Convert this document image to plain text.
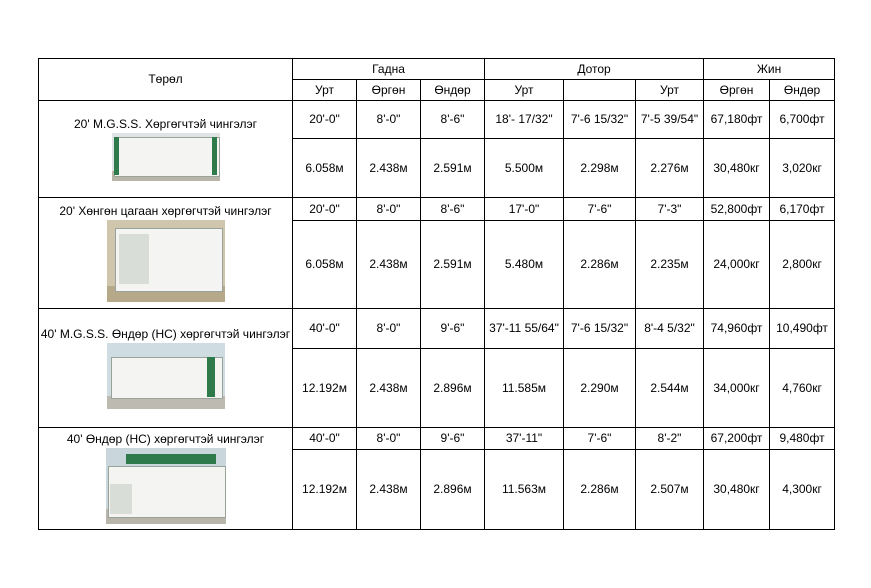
Төрөл	Гадна			Дотор			Жин	
	Урт	Өргөн	Өндөр	Урт		Урт	Өргөн	Өндөр

20' M.G.S.S. Хөргөгчтэй чингэлэг	20'-0"	8'-0"	8'-6"	18'- 17/32"	7'-6 15/32"	7'-5 39/54"	67,180фт	6,700фт
	6.058м	2.438м	2.591м	5.500м	2.298м	2.276м	30,480кг	3,020кг

20' Хөнгөн цагаан хөргөгчтэй чингэлэг	20'-0"	8'-0"	8'-6"	17'-0"	7'-6"	7'-3"	52,800фт	6,170фт
	6.058м	2.438м	2.591м	5.480м	2.286м	2.235м	24,000кг	2,800кг

40' M.G.S.S. Өндөр (HC) хөргөгчтэй чингэлэг	40'-0"	8'-0"	9'-6"	37'-11 55/64"	7'-6 15/32"	8'-4 5/32"	74,960фт	10,490фт
	12.192м	2.438м	2.896м	11.585м	2.290м	2.544м	34,000кг	4,760кг

40' Өндөр (HC) хөргөгчтэй чингэлэг	40'-0"	8'-0"	9'-6"	37'-11"	7'-6"	8'-2"	67,200фт	9,480фт
	12.192м	2.438м	2.896м	11.563м	2.286м	2.507м	30,480кг	4,300кг
